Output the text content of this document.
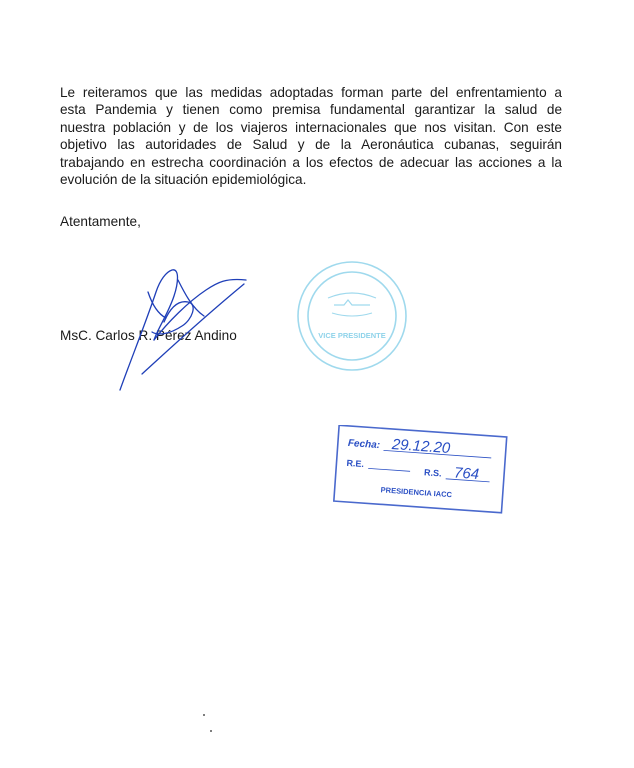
Le reiteramos que las medidas adoptadas forman parte del enfrentamiento a
esta Pandemia y tienen como premisa fundamental garantizar la salud de
nuestra población y de los viajeros internacionales que nos visitan. Con este
objetivo las autoridades de Salud y de la Aeronáutica cubanas, seguirán
trabajando en estrecha coordinación a los efectos de adecuar las acciones a la
evolución de la situación epidemiológica.

Atentamente,

MsC. Carlos R. Pérez Andino	VICE PRESIDENTE
Fecha: 29.12.20
R.E.
R.S. 764
PRESIDENCIA IACC
